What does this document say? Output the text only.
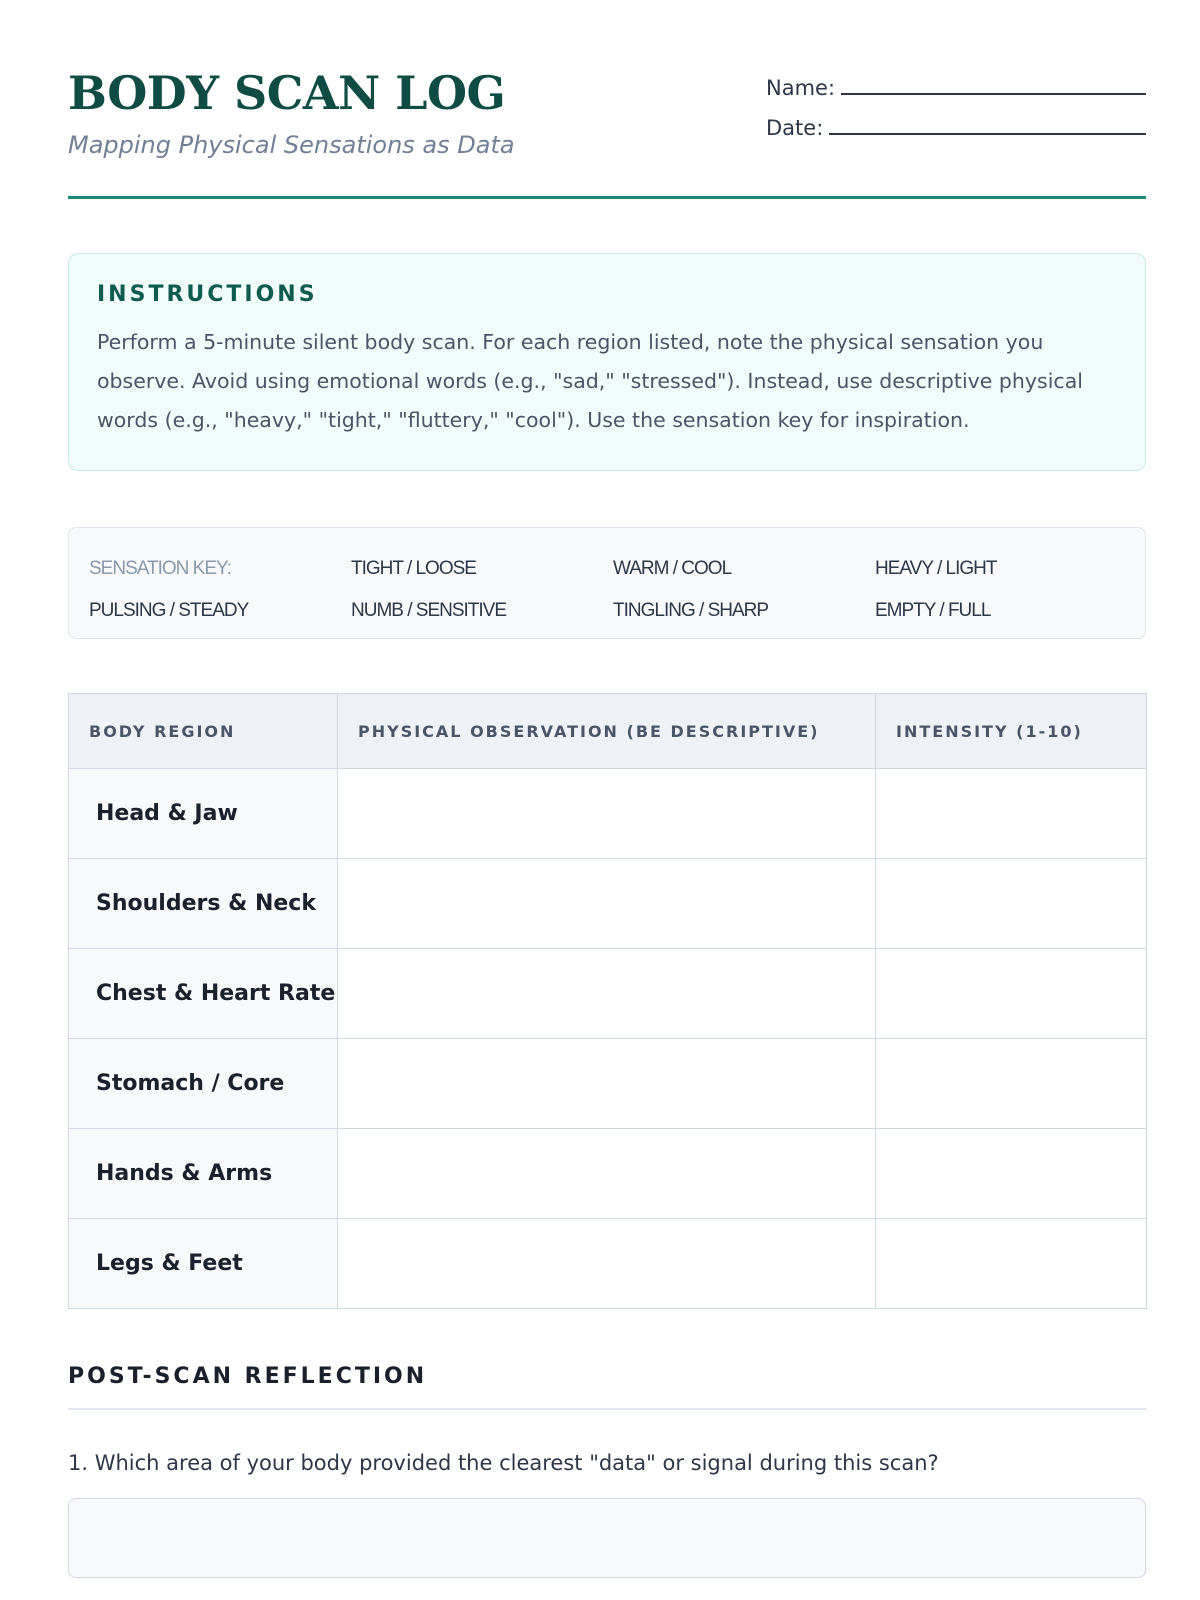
BODY SCAN LOG

Mapping Physical Sensations as Data

Name:
Date:
INSTRUCTIONS

Perform a 5-minute silent body scan. For each region listed, note the physical sensation you observe. Avoid using emotional words (e.g., "sad," "stressed"). Instead, use descriptive physical words (e.g., "heavy," "tight," "fluttery," "cool"). Use the sensation key for inspiration.

SENSATION KEY:	TIGHT / LOOSE	WARM / COOL	HEAVY / LIGHT
PULSING / STEADY	NUMB / SENSITIVE	TINGLING / SHARP	EMPTY / FULL
BODY REGION	PHYSICAL OBSERVATION (BE DESCRIPTIVE)	INTENSITY (1-10)
Head & Jaw		
Shoulders & Neck		
Chest & Heart Rate		
Stomach / Core		
Hands & Arms		
Legs & Feet		
POST-SCAN REFLECTION

1. Which area of your body provided the clearest "data" or signal during this scan?
